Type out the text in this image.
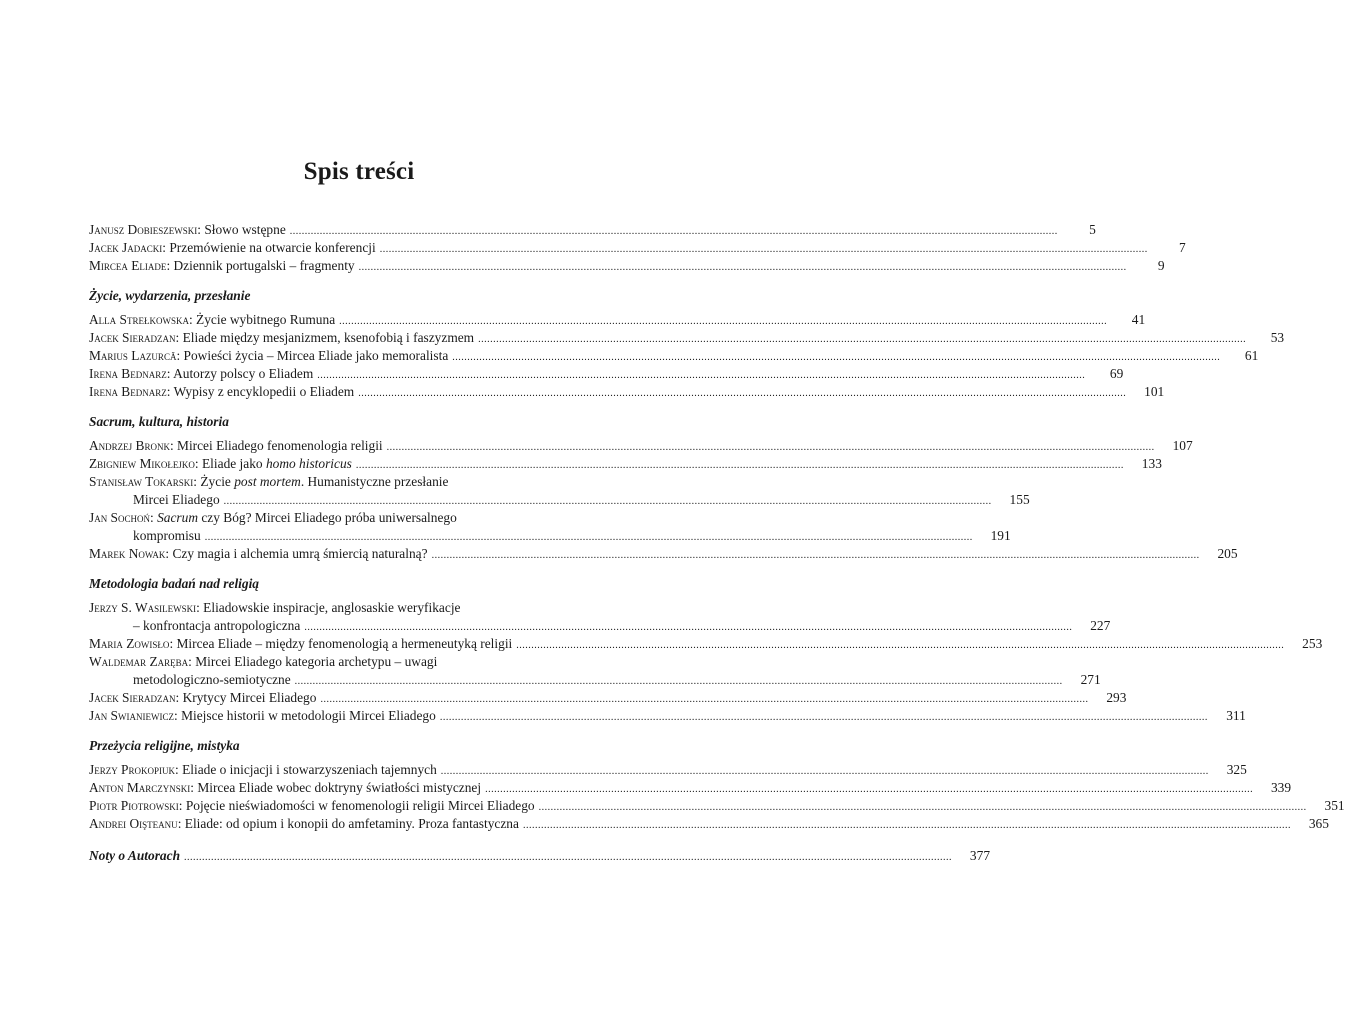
Spis treści
Janusz Dobieszewski: Słowo wstępne .....	5
Jacek Jadacki: Przemówienie na otwarcie konferencji .....	7
Mircea Eliade: Dziennik portugalski – fragmenty .....	9
Życie, wydarzenia, przesłanie
Alla Strełkowska: Życie wybitnego Rumuna .....	41
Jacek Sieradzan: Eliade między mesjanizmem, ksenofobią i faszyzmem .....	53
Marius Lazurcă: Powieści życia – Mircea Eliade jako memoralista .....	61
Irena Bednarz: Autorzy polscy o Eliadem .....	69
Irena Bednarz: Wypisy z encyklopedii o Eliadem .....	101
Sacrum, kultura, historia
Andrzej Bronk: Mircei Eliadego fenomenologia religii .....	107
Zbigniew Mikołejko: Eliade jako homo historicus .....	133
Stanisław Tokarski: Życie post mortem. Humanistyczne przesłanie
Mircei Eliadego .....	155
Jan Sochoń: Sacrum czy Bóg? Mircei Eliadego próba uniwersalnego
kompromisu .....	191
Marek Nowak: Czy magia i alchemia umrą śmiercią naturalną? .....	205
Metodologia badań nad religią
Jerzy S. Wasilewski: Eliadowskie inspiracje, anglosaskie weryfikacje
– konfrontacja antropologiczna .....	227
Maria Zowisło: Mircea Eliade – między fenomenologią a hermeneutyką religii .....	253
Waldemar Zaręba: Mircei Eliadego kategoria archetypu – uwagi
metodologiczno-semiotyczne .....	271
Jacek Sieradzan: Krytycy Mircei Eliadego .....	293
Jan Swianiewicz: Miejsce historii w metodologii Mircei Eliadego .....	311
Przeżycia religijne, mistyka
Jerzy Prokopiuk: Eliade o inicjacji i stowarzyszeniach tajemnych .....	325
Anton Marczynski: Mircea Eliade wobec doktryny światłości mistycznej .....	339
Piotr Piotrowski: Pojęcie nieświadomości w fenomenologii religii Mircei Eliadego .....	351
Andrei Oişteanu: Eliade: od opium i konopii do amfetaminy. Proza fantastyczna .....	365
Noty o Autorach .....	377
